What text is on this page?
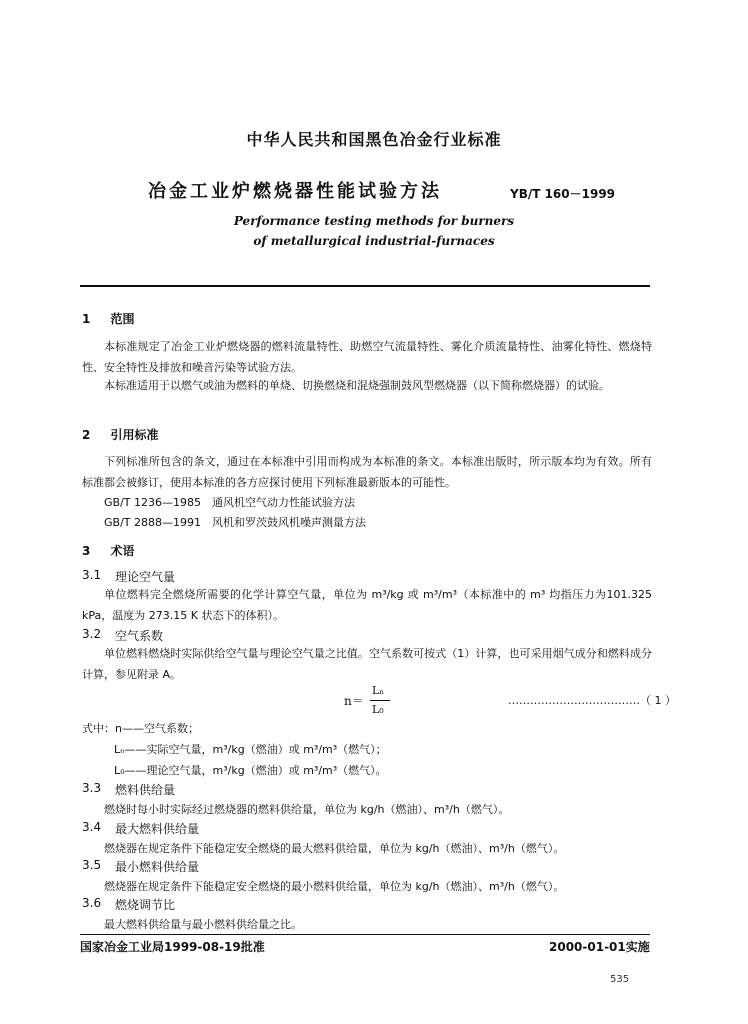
中华人民共和国黑色冶金行业标准
冶金工业炉燃烧器性能试验方法	YB/T 160－1999
Performance testing methods for burners
of metallurgical industrial-furnaces
1 范围
本标准规定了冶金工业炉燃烧器的燃料流量特性、助燃空气流量特性、雾化介质流量特性、油雾化特性、燃烧特性、安全特性及排放和噪音污染等试验方法。
本标准适用于以燃气或油为燃料的单烧、切换燃烧和混烧强制鼓风型燃烧器（以下简称燃烧器）的试验。
2 引用标准
下列标准所包含的条文，通过在本标准中引用而构成为本标准的条文。本标准出版时，所示版本均为有效。所有标准都会被修订，使用本标准的各方应探讨使用下列标准最新版本的可能性。
GB/T 1236—1985　通风机空气动力性能试验方法
GB/T 2888—1991　风机和罗茨鼓风机噪声测量方法
3 术语
3.1 理论空气量
单位燃料完全燃烧所需要的化学计算空气量，单位为 m³/kg 或 m³/m³（本标准中的 m³ 均指压力为101.325 kPa，温度为 273.15 K 状态下的体积）。
3.2 空气系数
单位燃料燃烧时实际供给空气量与理论空气量之比值。空气系数可按式（1）计算，也可采用烟气成分和燃料成分计算，参见附录 A。
n＝
Lₙ
L₀
………………………………（ 1 ）
式中：n——空气系数；
Lₙ——实际空气量，m³/kg（燃油）或 m³/m³（燃气）；
L₀——理论空气量，m³/kg（燃油）或 m³/m³（燃气）。
3.3 燃料供给量
燃烧时每小时实际经过燃烧器的燃料供给量，单位为 kg/h（燃油）、m³/h（燃气）。
3.4 最大燃料供给量
燃烧器在规定条件下能稳定安全燃烧的最大燃料供给量，单位为 kg/h（燃油）、m³/h（燃气）。
3.5 最小燃料供给量
燃烧器在规定条件下能稳定安全燃烧的最小燃料供给量，单位为 kg/h（燃油）、m³/h（燃气）。
3.6 燃烧调节比
最大燃料供给量与最小燃料供给量之比。
国家冶金工业局1999-08-19批准	2000-01-01实施
535
